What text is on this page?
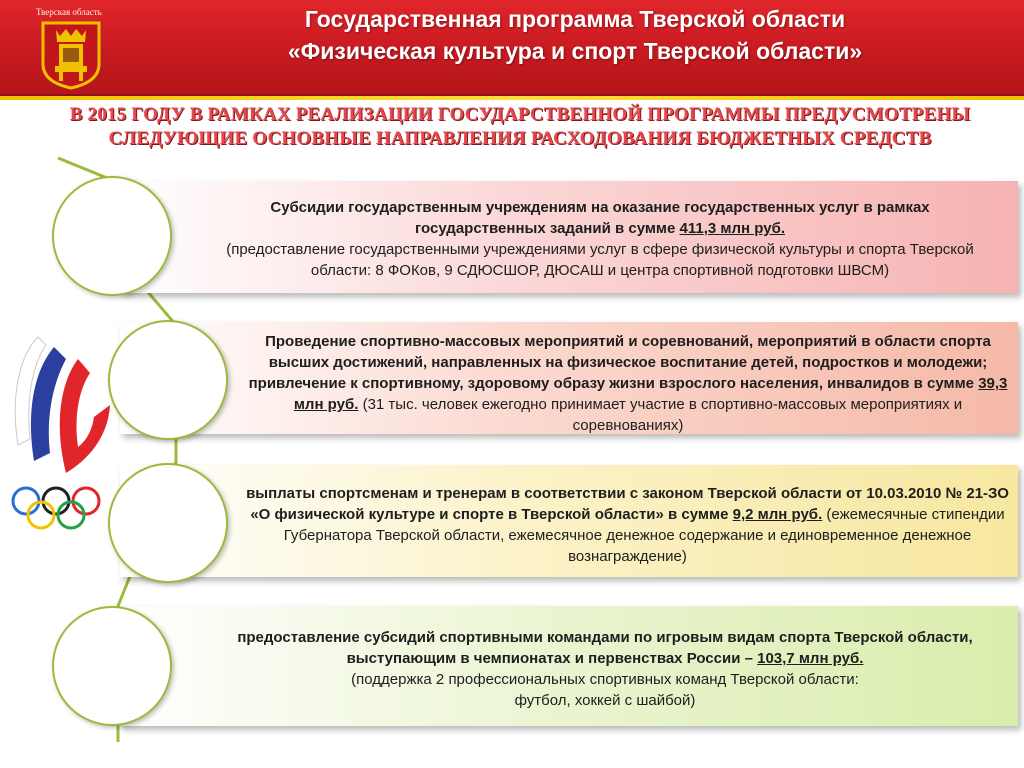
Тверская область	Государственная программа Тверской области
«Физическая культура и спорт Тверской области»
В 2015 ГОДУ В РАМКАХ РЕАЛИЗАЦИИ ГОСУДАРСТВЕННОЙ ПРОГРАММЫ ПРЕДУСМОТРЕНЫ
СЛЕДУЮЩИЕ ОСНОВНЫЕ НАПРАВЛЕНИЯ РАСХОДОВАНИЯ БЮДЖЕТНЫХ СРЕДСТВ
Субсидии государственным учреждениям на оказание государственных услуг в рамках государственных заданий в сумме 411,3 млн руб.
(предоставление государственными учреждениями услуг в сфере физической культуры и спорта Тверской области: 8 ФОКов, 9 СДЮСШОР, ДЮСАШ и центра спортивной подготовки ШВСМ)
Проведение спортивно-массовых мероприятий и соревнований, мероприятий в области спорта высших достижений, направленных на физическое воспитание детей, подростков и молодежи; привлечение к спортивному, здоровому образу жизни взрослого населения, инвалидов в сумме 39,3 млн руб. (31 тыс. человек ежегодно принимает участие в спортивно-массовых мероприятиях и соревнованиях)
выплаты спортсменам и тренерам в соответствии с законом Тверской области от 10.03.2010 № 21-ЗО «О физической культуре и спорте в Тверской области» в сумме 9,2 млн руб. (ежемесячные стипендии Губернатора Тверской области, ежемесячное денежное содержание и единовременное денежное вознаграждение)
предоставление субсидий спортивными командами по игровым видам спорта Тверской области, выступающим в чемпионатах и первенствах России – 103,7 млн руб.
(поддержка 2 профессиональных спортивных команд Тверской области:
футбол, хоккей с шайбой)
